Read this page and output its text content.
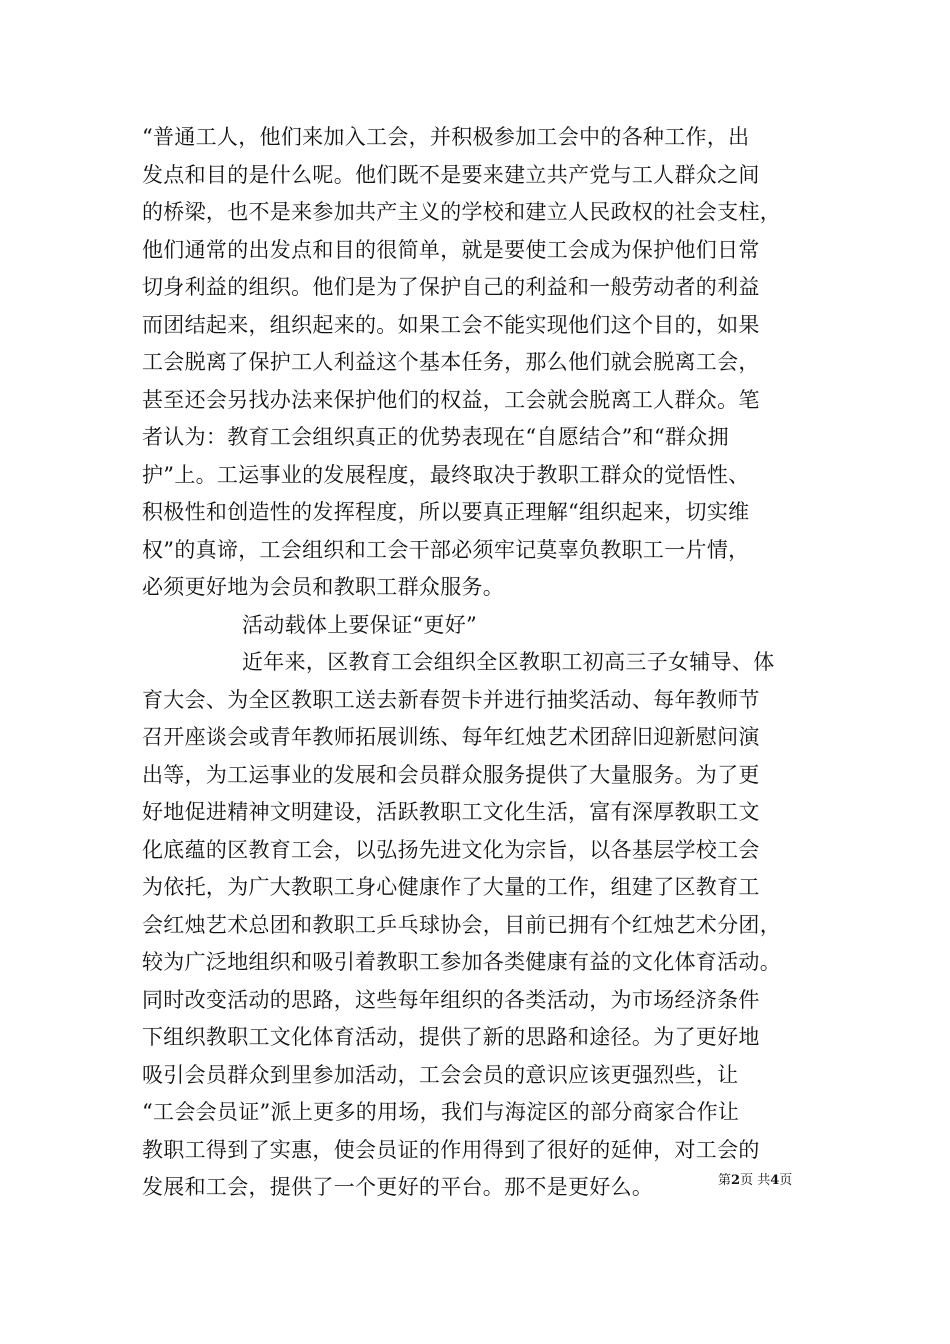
“普通工人，他们来加入工会，并积极参加工会中的各种工作，出
发点和目的是什么呢。他们既不是要来建立共产党与工人群众之间
的桥梁，也不是来参加共产主义的学校和建立人民政权的社会支柱，
他们通常的出发点和目的很简单，就是要使工会成为保护他们日常
切身利益的组织。他们是为了保护自己的利益和一般劳动者的利益
而团结起来，组织起来的。如果工会不能实现他们这个目的，如果
工会脱离了保护工人利益这个基本任务，那么他们就会脱离工会，
甚至还会另找办法来保护他们的权益，工会就会脱离工人群众。笔
者认为：教育工会组织真正的优势表现在“自愿结合”和“群众拥
护”上。工运事业的发展程度，最终取决于教职工群众的觉悟性、
积极性和创造性的发挥程度，所以要真正理解“组织起来，切实维
权”的真谛，工会组织和工会干部必须牢记莫辜负教职工一片情，
必须更好地为会员和教职工群众服务。
活动载体上要保证“更好”
近年来，区教育工会组织全区教职工初高三子女辅导、体
育大会、为全区教职工送去新春贺卡并进行抽奖活动、每年教师节
召开座谈会或青年教师拓展训练、每年红烛艺术团辞旧迎新慰问演
出等，为工运事业的发展和会员群众服务提供了大量服务。为了更
好地促进精神文明建设，活跃教职工文化生活，富有深厚教职工文
化底蕴的区教育工会，以弘扬先进文化为宗旨，以各基层学校工会
为依托，为广大教职工身心健康作了大量的工作，组建了区教育工
会红烛艺术总团和教职工乒乓球协会，目前已拥有个红烛艺术分团，
较为广泛地组织和吸引着教职工参加各类健康有益的文化体育活动。
同时改变活动的思路，这些每年组织的各类活动，为市场经济条件
下组织教职工文化体育活动，提供了新的思路和途径。为了更好地
吸引会员群众到里参加活动，工会会员的意识应该更强烈些，让
“工会会员证”派上更多的用场，我们与海淀区的部分商家合作让
教职工得到了实惠，使会员证的作用得到了很好的延伸，对工会的
发展和工会，提供了一个更好的平台。那不是更好么。	第2页 共4页
